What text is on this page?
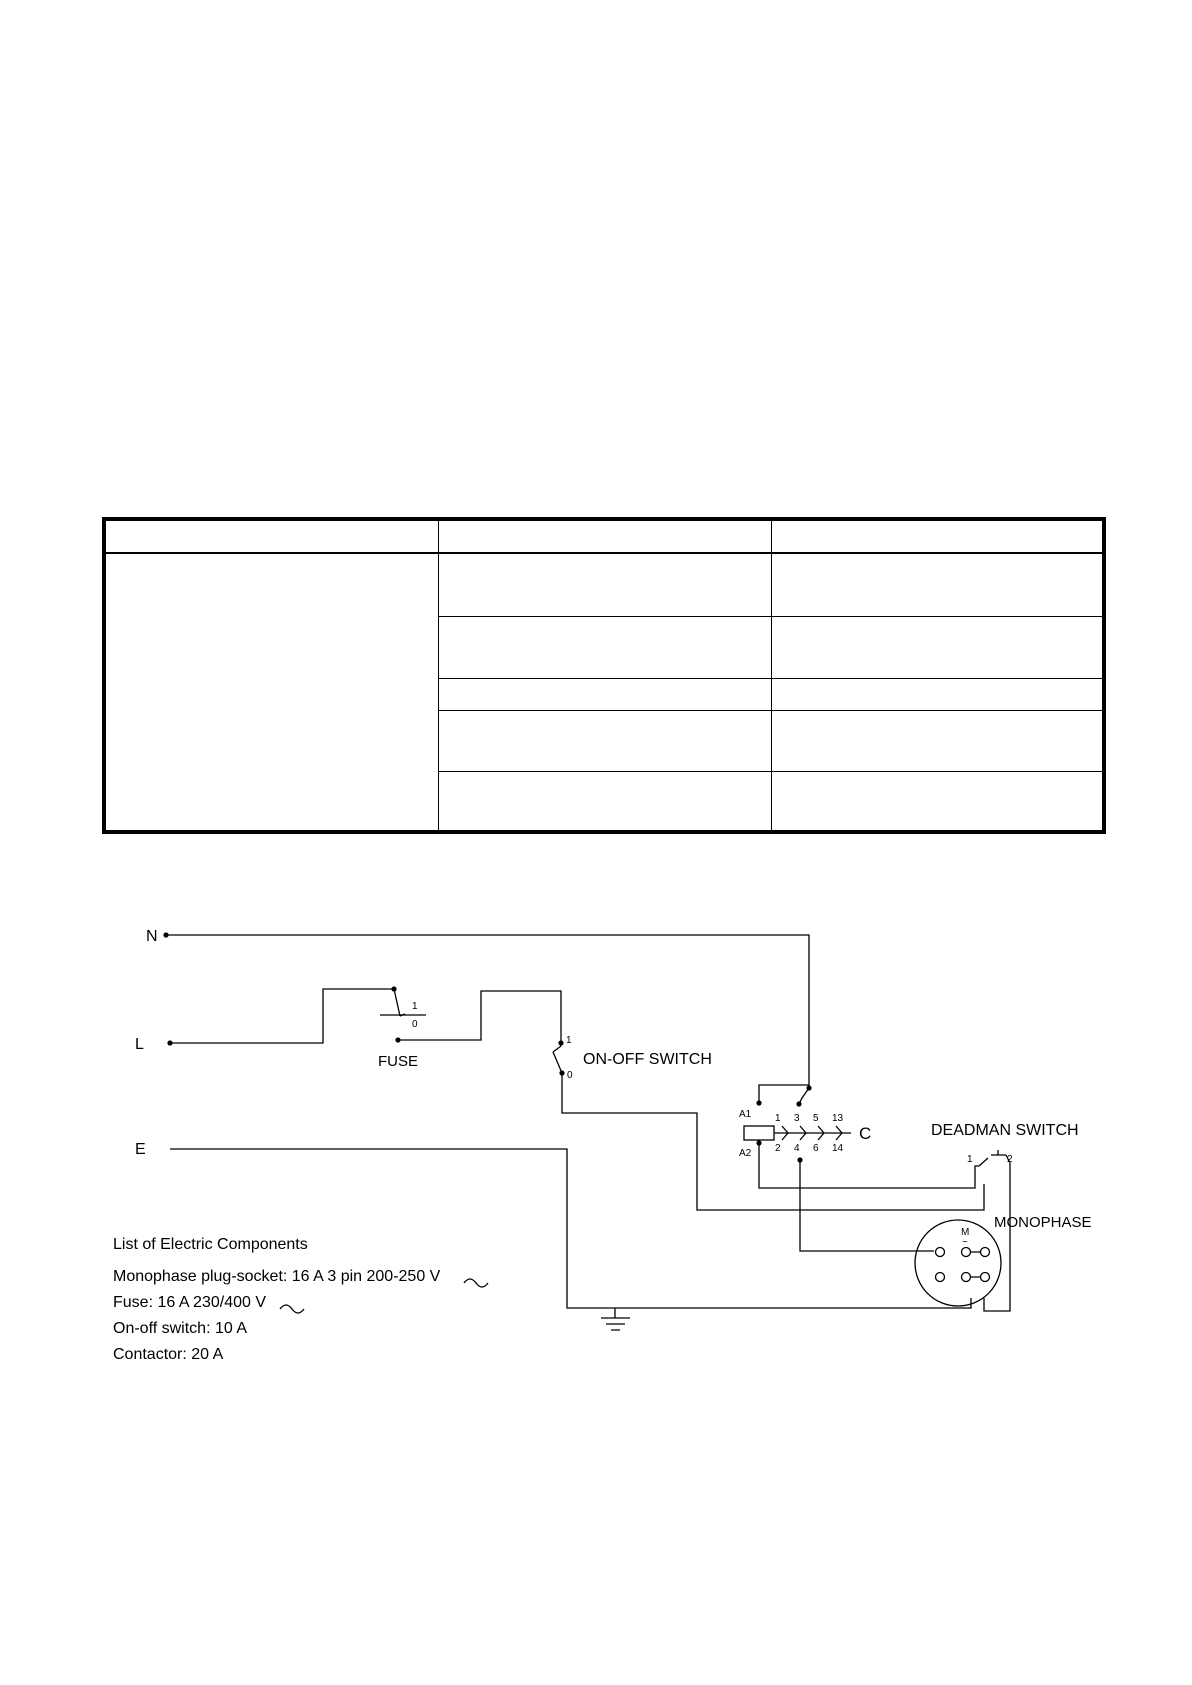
N
L
E
1
0
FUSE
1
0
ON-OFF SWITCH
A1
A2
1 3 5 13
2 4 6 14
C	DEADMAN SWITCH
1	2
MONOPHASE
M
~
List of Electric Components
Monophase plug-socket: 16 A 3 pin 200-250 V
Fuse: 16 A 230/400 V
On-off switch: 10 A
Contactor: 20 A
